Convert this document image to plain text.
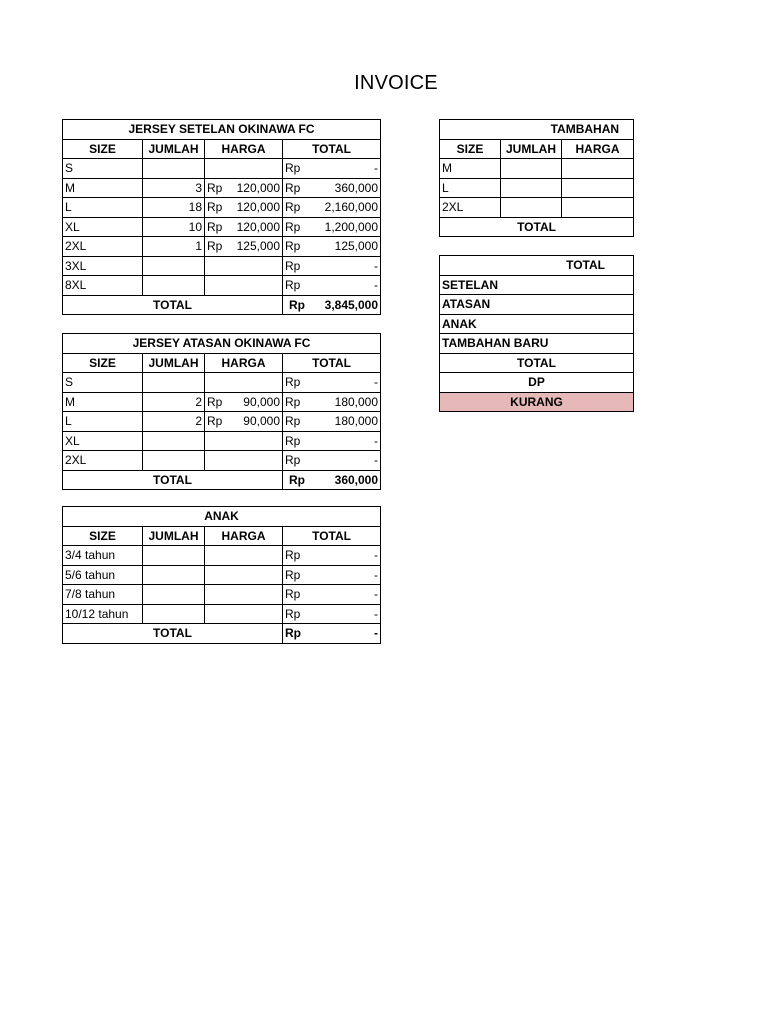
INVOICE
JERSEY SETELAN OKINAWA FC			
SIZE	JUMLAH	HARGA	TOTAL
S			Rp -

M	3	Rp 120,000	Rp 360,000

L	18	Rp 120,000	Rp 2,160,000

XL	10	Rp 120,000	Rp 1,200,000

2XL	1	Rp 125,000	Rp 125,000

3XL			Rp -

8XL			Rp -

TOTAL			Rp 3,845,000
JERSEY ATASAN OKINAWA FC			
SIZE	JUMLAH	HARGA	TOTAL
S			Rp -

M	2	Rp 90,000	Rp 180,000

L	2	Rp 90,000	Rp 180,000

XL			Rp -

2XL			Rp -

TOTAL			Rp 360,000
ANAK			
SIZE	JUMLAH	HARGA	TOTAL
3/4 tahun			Rp -

5/6 tahun			Rp -

7/8 tahun			Rp -

10/12 tahun			Rp -

TOTAL			Rp -
TAMBAHAN		
SIZE	JUMLAH	HARGA
M		
L		
2XL		
TOTAL		
TOTAL
SETELAN
ATASAN
ANAK
TAMBAHAN BARU
TOTAL
DP
KURANG
